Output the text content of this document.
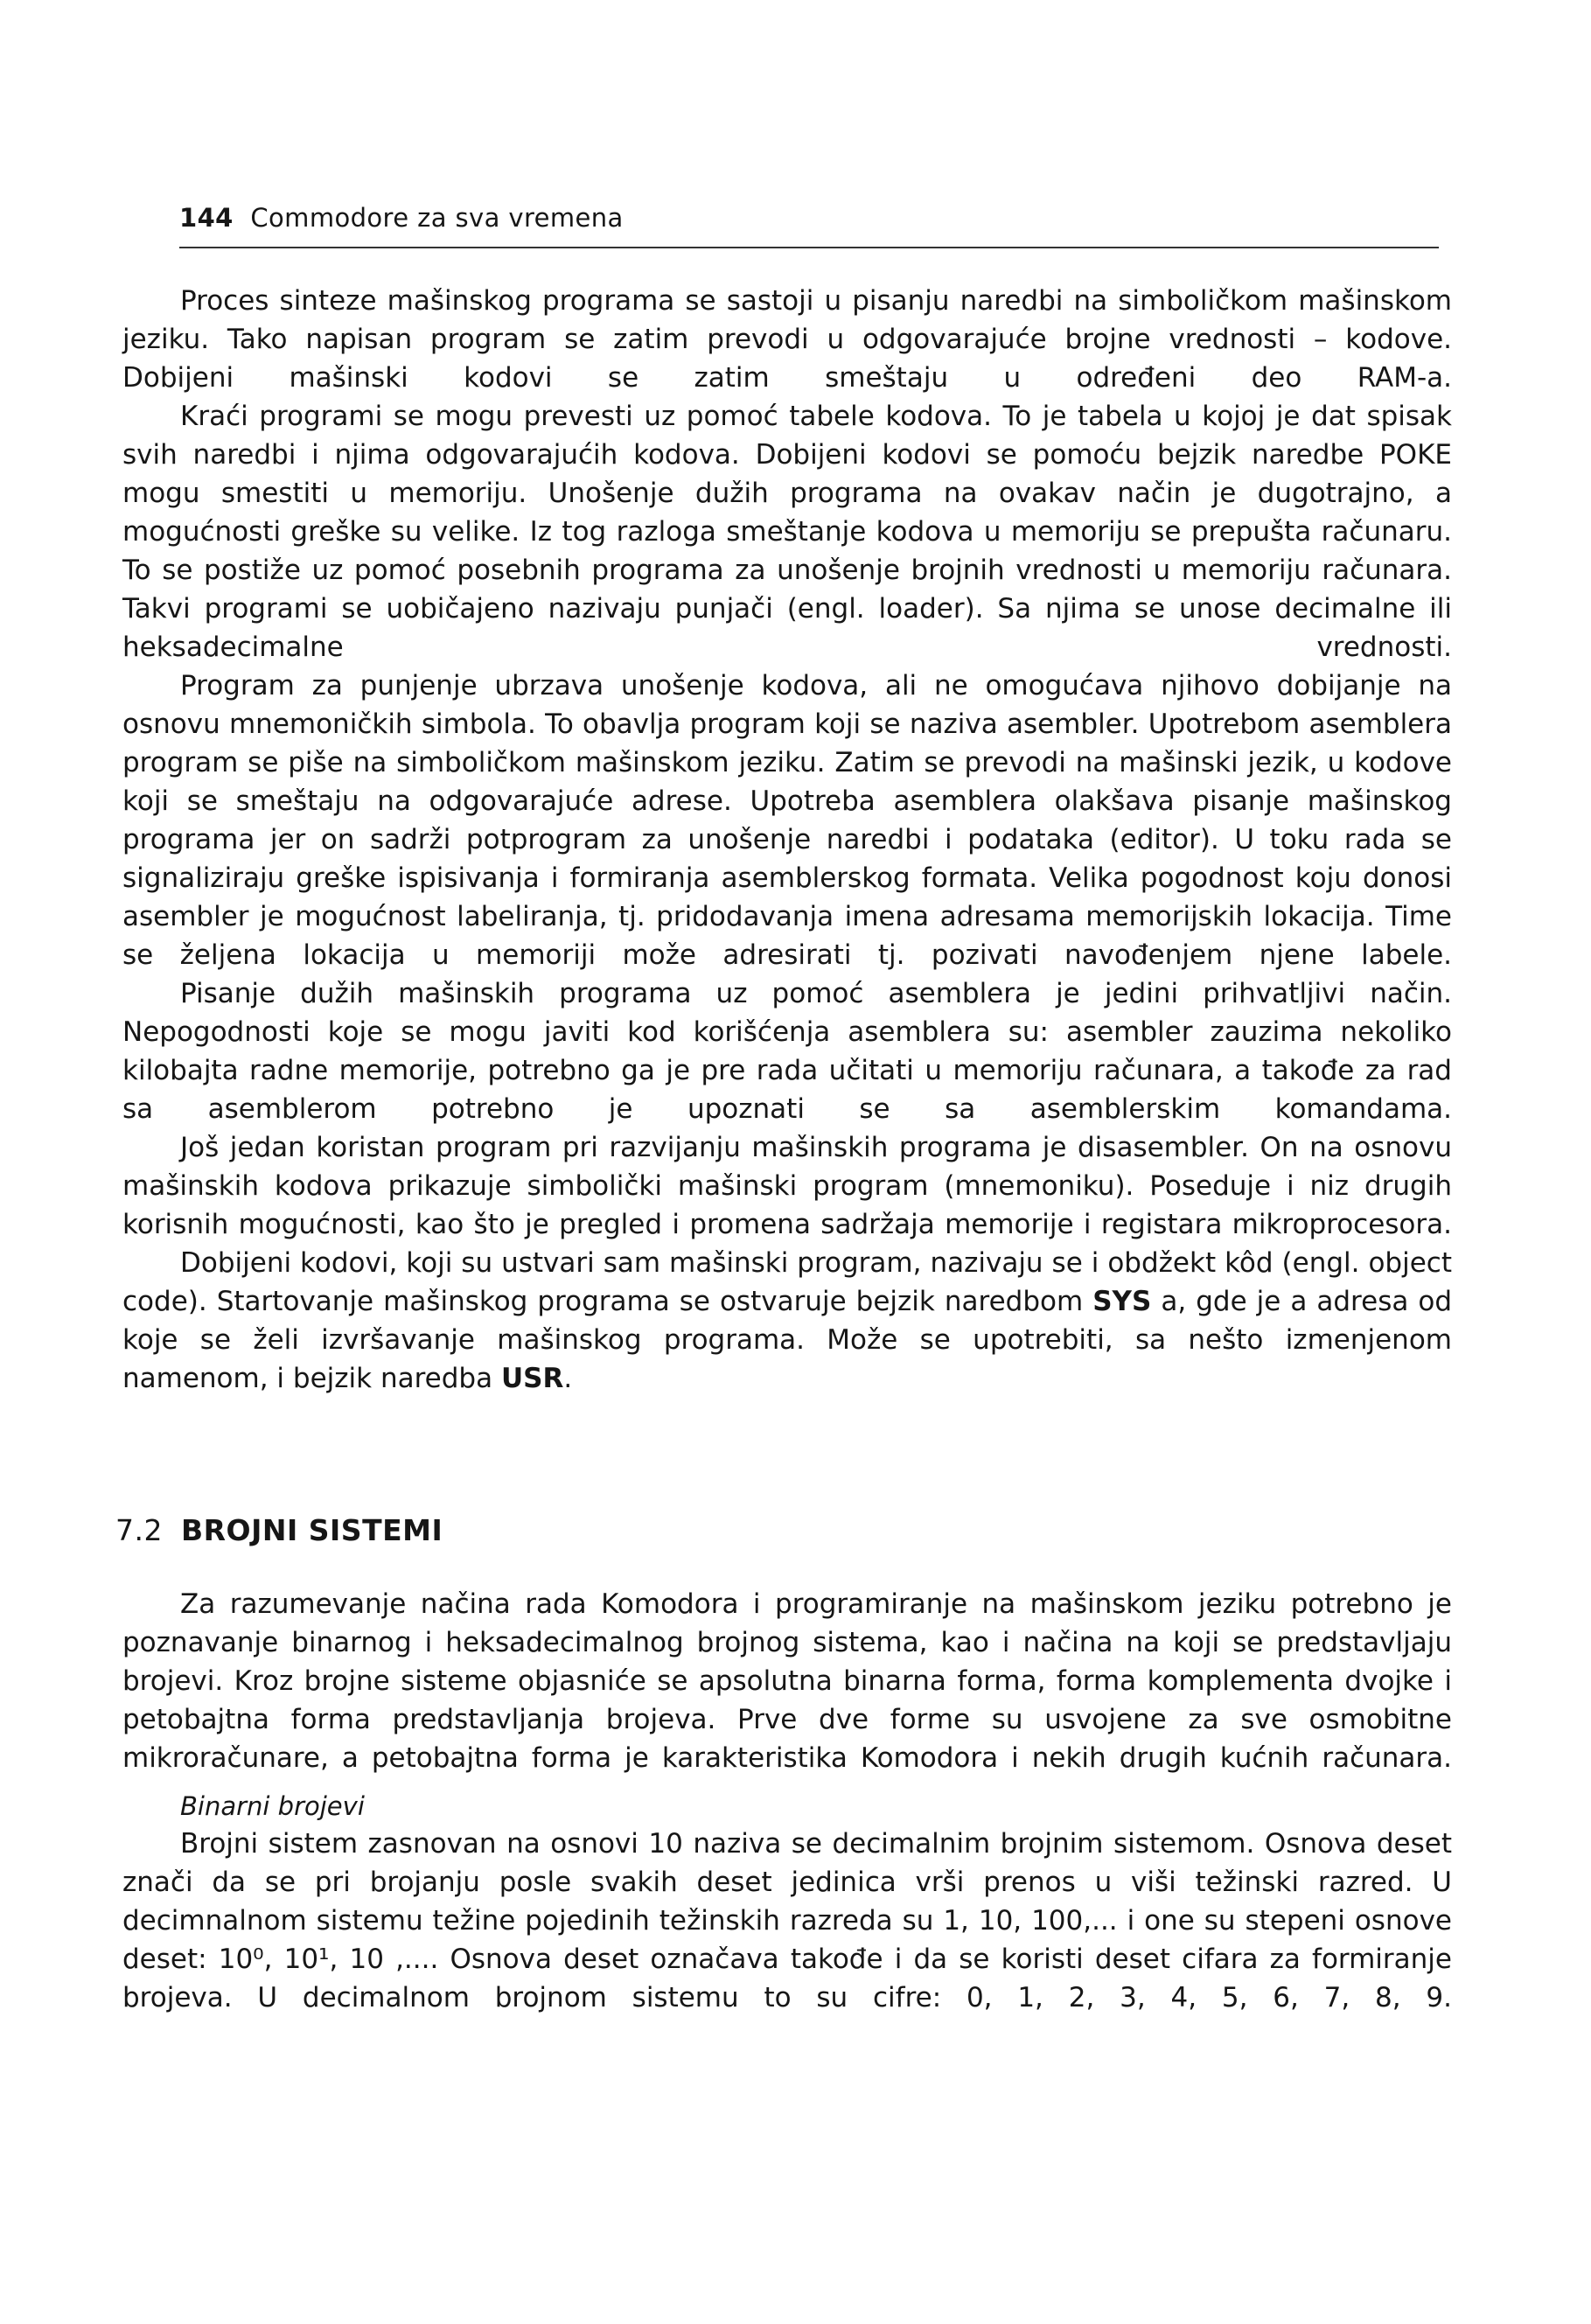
144 Commodore za sva vremena

Proces sinteze mašinskog programa se sastoji u pisanju naredbi na simboličkom mašinskom jeziku. Tako napisan program se zatim prevodi u odgovarajuće brojne vrednosti – kodove. Dobijeni mašinski kodovi se zatim smeštaju u određeni deo RAM-a.

Kraći programi se mogu prevesti uz pomoć tabele kodova. To je tabela u kojoj je dat spisak svih naredbi i njima odgovarajućih kodova. Dobijeni kodovi se pomoću bejzik naredbe POKE mogu smestiti u memoriju. Unošenje dužih programa na ovakav način je dugotrajno, a mogućnosti greške su velike. Iz tog razloga smeštanje kodova u memoriju se prepušta računaru. To se postiže uz pomoć posebnih programa za unošenje brojnih vrednosti u memoriju računara. Takvi programi se uobičajeno nazivaju punjači (engl. loader). Sa njima se unose decimalne ili heksadecimalne vrednosti.

Program za punjenje ubrzava unošenje kodova, ali ne omogućava njihovo dobijanje na osnovu mnemoničkih simbola. To obavlja program koji se naziva asembler. Upotrebom asemblera program se piše na simboličkom mašinskom jeziku. Zatim se prevodi na mašinski jezik, u kodove koji se smeštaju na odgovarajuće adrese. Upotreba asemblera olakšava pisanje mašinskog programa jer on sadrži potprogram za unošenje naredbi i podataka (editor). U toku rada se signaliziraju greške ispisivanja i formiranja asemblerskog formata. Velika pogodnost koju donosi asembler je mogućnost labeliranja, tj. pridodavanja imena adresama memorijskih lokacija. Time se željena lokacija u memoriji može adresirati tj. pozivati navođenjem njene labele.

Pisanje dužih mašinskih programa uz pomoć asemblera je jedini prihvatljivi način. Nepogodnosti koje se mogu javiti kod korišćenja asemblera su: asembler zauzima nekoliko kilobajta radne memorije, potrebno ga je pre rada učitati u memoriju računara, a takođe za rad sa asemblerom potrebno je upoznati se sa asemblerskim komandama.

Još jedan koristan program pri razvijanju mašinskih programa je disasembler. On na osnovu mašinskih kodova prikazuje simbolički mašinski program (mnemoniku). Poseduje i niz drugih korisnih mogućnosti, kao što je pregled i promena sadržaja memorije i registara mikroprocesora.

Dobijeni kodovi, koji su ustvari sam mašinski program, nazivaju se i obdžekt kôd (engl. object code). Startovanje mašinskog programa se ostvaruje bejzik naredbom SYS a, gde je a adresa od koje se želi izvršavanje mašinskog programa. Može se upotrebiti, sa nešto izmenjenom namenom, i bejzik naredba USR.

7.2 BROJNI SISTEMI

Za razumevanje načina rada Komodora i programiranje na mašinskom jeziku potrebno je poznavanje binarnog i heksadecimalnog brojnog sistema, kao i načina na koji se predstavljaju brojevi. Kroz brojne sisteme objasniće se apsolutna binarna forma, forma komplementa dvojke i petobajtna forma predstavljanja brojeva. Prve dve forme su usvojene za sve osmobitne mikroračunare, a petobajtna forma je karakteristika Komodora i nekih drugih kućnih računara.

Binarni brojevi

Brojni sistem zasnovan na osnovi 10 naziva se decimalnim brojnim sistemom. Osnova deset znači da se pri brojanju posle svakih deset jedinica vrši prenos u viši težinski razred. U decimnalnom sistemu težine pojedinih težinskih razreda su 1, 10, 100,... i one su stepeni osnove deset: 10⁰, 10¹, 10 ,.... Osnova deset označava takođe i da se koristi deset cifara za formiranje brojeva. U decimalnom brojnom sistemu to su cifre: 0, 1, 2, 3, 4, 5, 6, 7, 8, 9.
